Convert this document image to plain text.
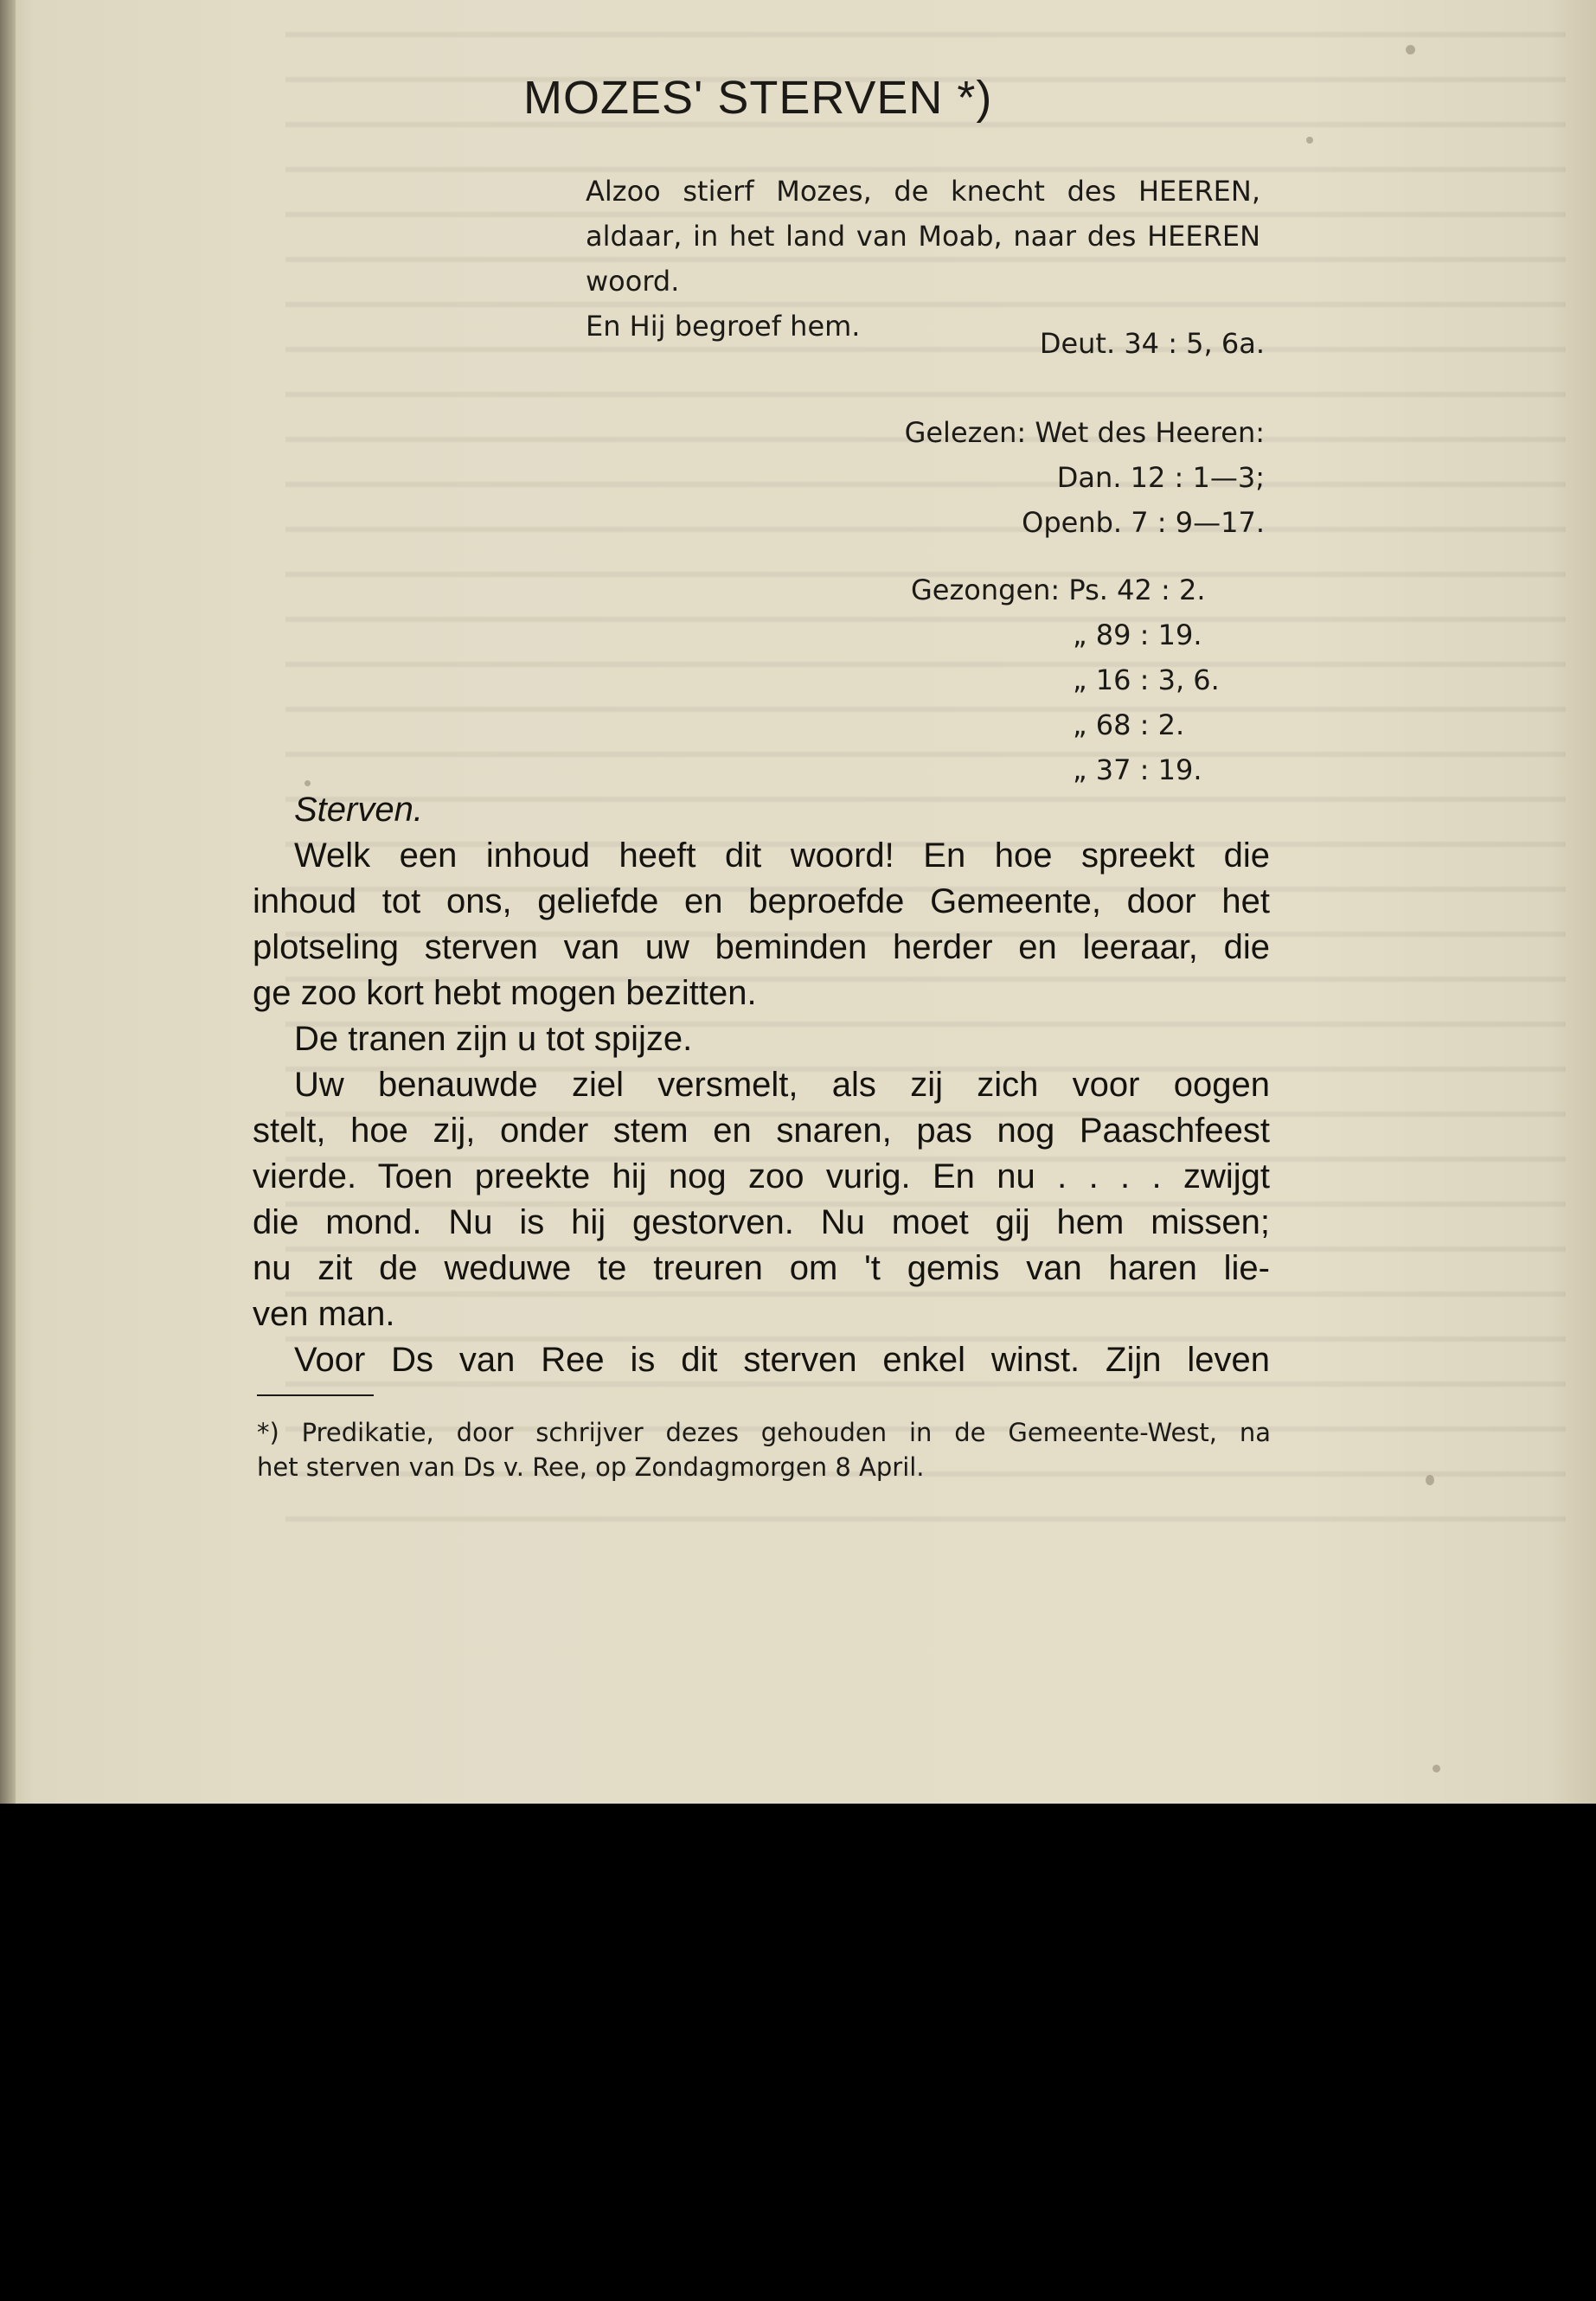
MOZES' STERVEN *)
Alzoo stierf Mozes, de knecht des HEEREN,
aldaar, in het land van Moab, naar des HEEREN
woord.
En Hij begroef hem.
Deut. 34 : 5, 6a.
Gelezen: Wet des Heeren:
Dan. 12 : 1—3;
Openb. 7 : 9—17.
Gezongen: Ps. 42 : 2.
„ 89 : 19.
„ 16 : 3, 6.
„ 68 : 2.
„ 37 : 19.
Sterven.
Welk een inhoud heeft dit woord! En hoe spreekt die
inhoud tot ons, geliefde en beproefde Gemeente, door het
plotseling sterven van uw beminden herder en leeraar, die
ge zoo kort hebt mogen bezitten.
De tranen zijn u tot spijze.
Uw benauwde ziel versmelt, als zij zich voor oogen
stelt, hoe zij, onder stem en snaren, pas nog Paaschfeest
vierde. Toen preekte hij nog zoo vurig. En nu . . . . zwijgt
die mond. Nu is hij gestorven. Nu moet gij hem missen;
nu zit de weduwe te treuren om 't gemis van haren lie-
ven man.
Voor Ds van Ree is dit sterven enkel winst. Zijn leven
*) Predikatie, door schrijver dezes gehouden in de Gemeente-West, na
het sterven van Ds v. Ree, op Zondagmorgen 8 April.
